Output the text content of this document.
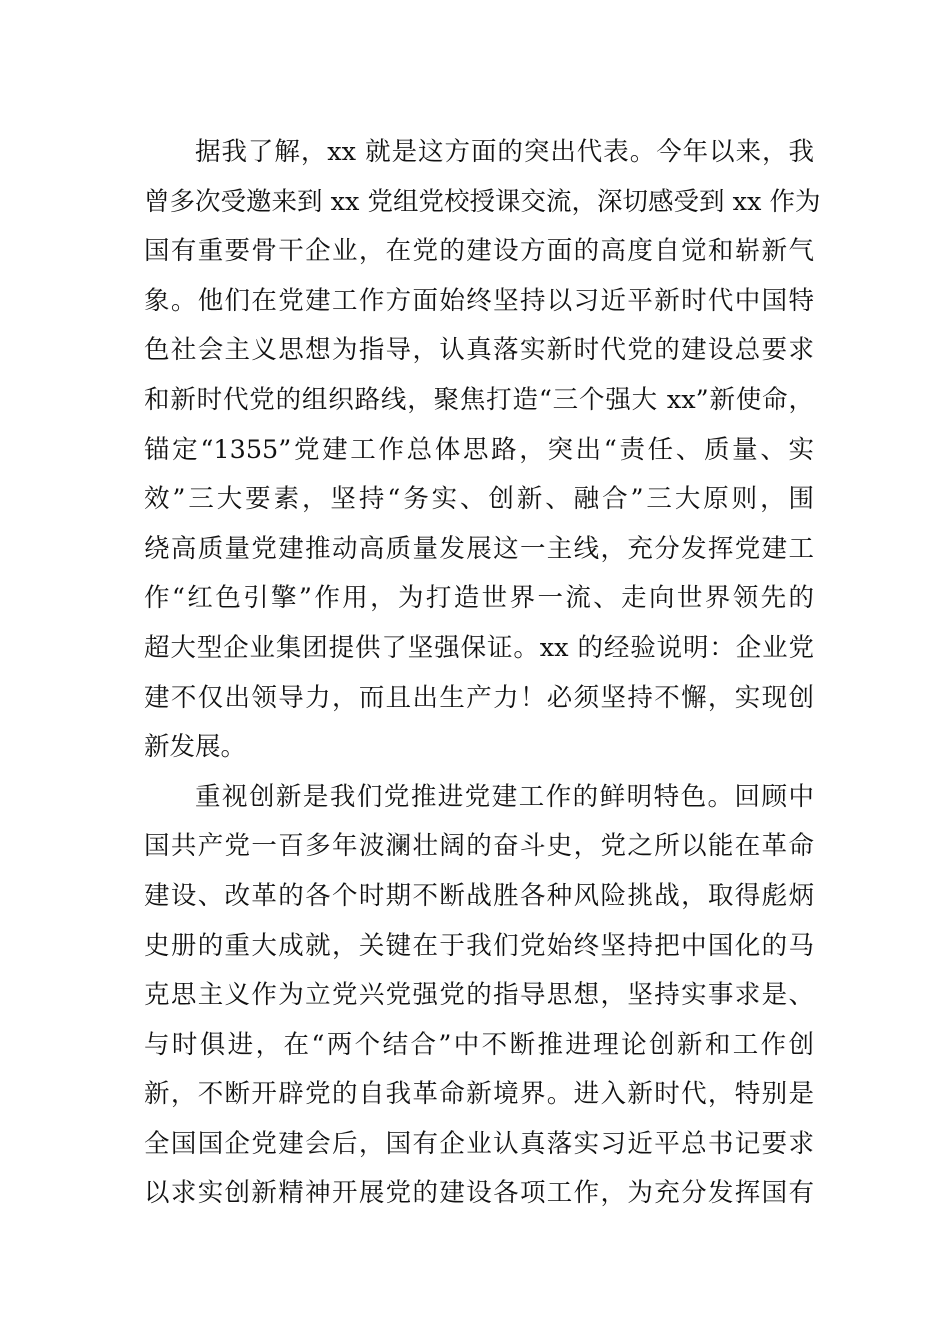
据我了解，xx 就是这方面的突出代表。今年以来，我
曾多次受邀来到 xx 党组党校授课交流，深切感受到 xx 作为
国有重要骨干企业，在党的建设方面的高度自觉和崭新气
象。他们在党建工作方面始终坚持以习近平新时代中国特
色社会主义思想为指导，认真落实新时代党的建设总要求
和新时代党的组织路线，聚焦打造“三个强大 xx”新使命，
锚定“1355”党建工作总体思路，突出“责任、质量、实
效”三大要素，坚持“务实、创新、融合”三大原则，围
绕高质量党建推动高质量发展这一主线，充分发挥党建工
作“红色引擎”作用，为打造世界一流、走向世界领先的
超大型企业集团提供了坚强保证。xx 的经验说明：企业党
建不仅出领导力，而且出生产力！必须坚持不懈，实现创
新发展。
重视创新是我们党推进党建工作的鲜明特色。回顾中
国共产党一百多年波澜壮阔的奋斗史，党之所以能在革命
建设、改革的各个时期不断战胜各种风险挑战，取得彪炳
史册的重大成就，关键在于我们党始终坚持把中国化的马
克思主义作为立党兴党强党的指导思想，坚持实事求是、
与时俱进，在“两个结合”中不断推进理论创新和工作创
新，不断开辟党的自我革命新境界。进入新时代，特别是
全国国企党建会后，国有企业认真落实习近平总书记要求
以求实创新精神开展党的建设各项工作，为充分发挥国有
